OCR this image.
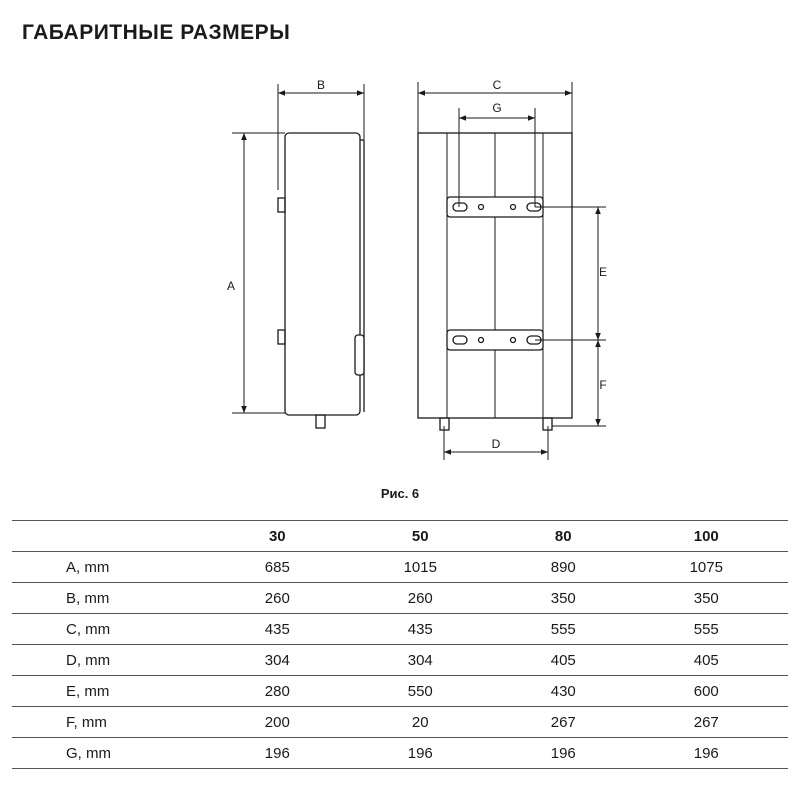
ГАБАРИТНЫЕ РАЗМЕРЫ
A
B	C
G
E
F
D
Рис. 6
	30	50	80	100
A, mm	685	1015	890	1075
B, mm	260	260	350	350
C, mm	435	435	555	555
D, mm	304	304	405	405
E, mm	280	550	430	600
F, mm	200	20	267	267
G, mm	196	196	196	196
